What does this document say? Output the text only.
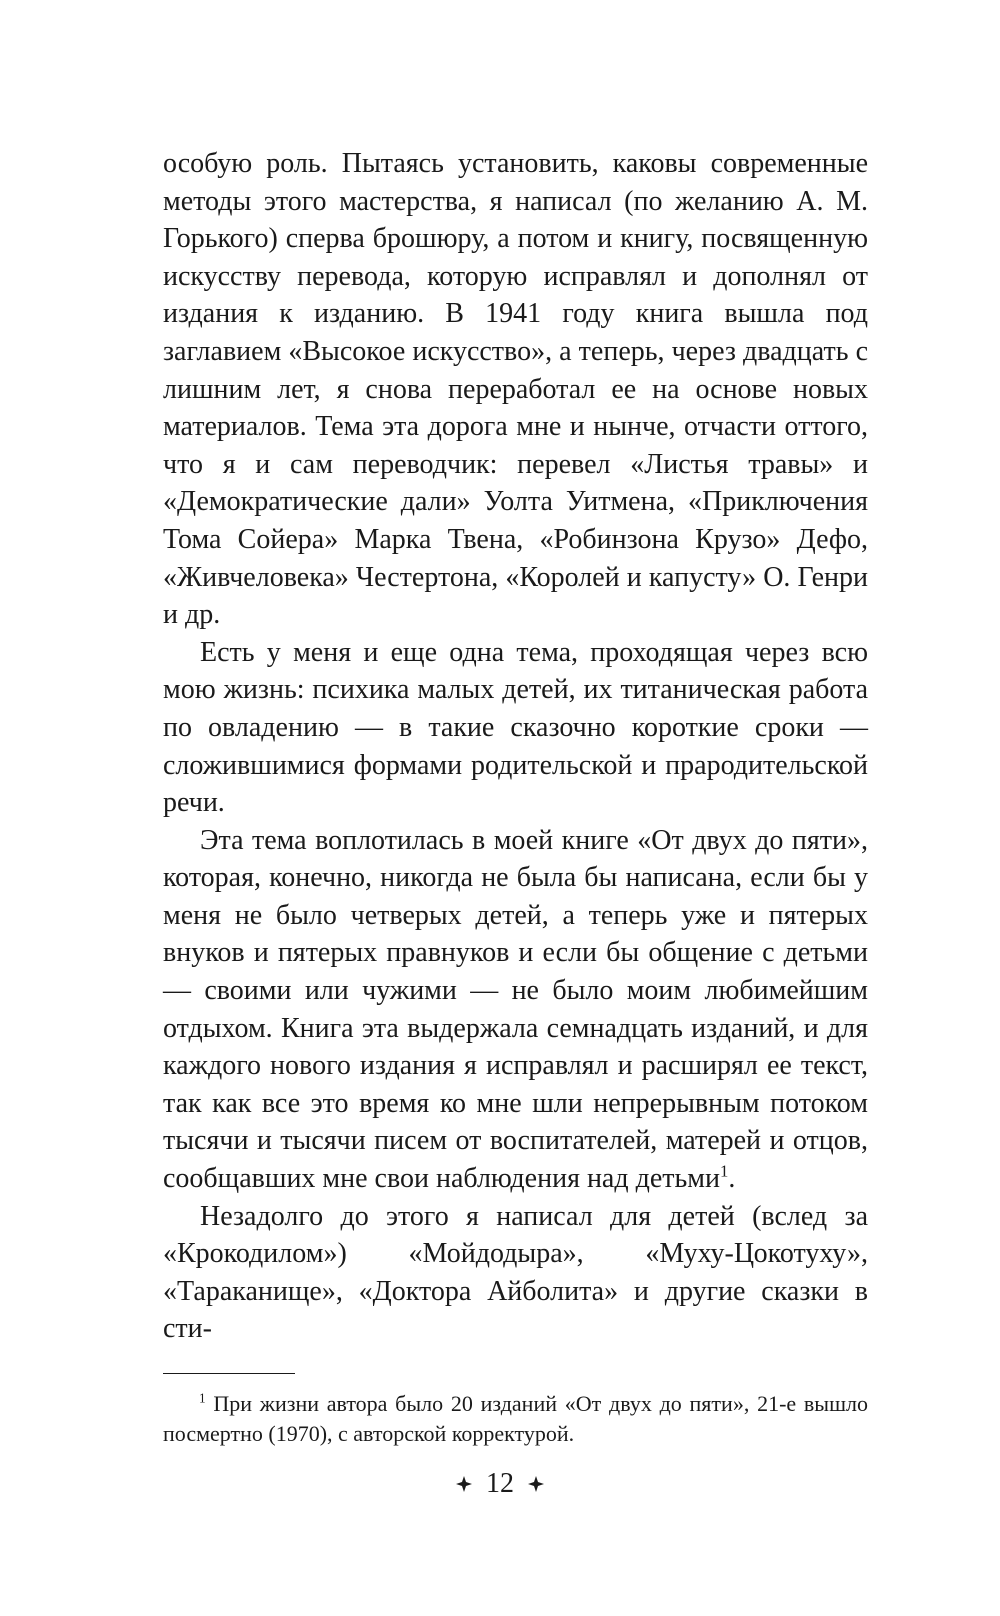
особую роль. Пытаясь установить, каковы современные методы этого мастерства, я написал (по желанию А. М. Горького) сперва брошюру, а потом и книгу, посвященную искусству перевода, которую исправлял и дополнял от издания к изданию. В 1941 году книга вышла под заглавием «Высокое искусство», а теперь, через двадцать с лишним лет, я снова переработал ее на основе новых материалов. Тема эта дорога мне и нынче, отчасти оттого, что я и сам переводчик: перевел «Листья травы» и «Демократические дали» Уолта Уитмена, «Приключения Тома Сойера» Марка Твена, «Робинзона Крузо» Дефо, «Живчеловека» Честертона, «Королей и капусту» О. Генри и др.

Есть у меня и еще одна тема, проходящая через всю мою жизнь: психика малых детей, их титаническая работа по овладению — в такие сказочно короткие сроки — сложившимися формами родительской и прародительской речи.

Эта тема воплотилась в моей книге «От двух до пяти», которая, конечно, никогда не была бы написана, если бы у меня не было четверых детей, а теперь уже и пятерых внуков и пятерых правнуков и если бы общение с детьми — своими или чужими — не было моим любимейшим отдыхом. Книга эта выдержала семнадцать изданий, и для каждого нового издания я исправлял и расширял ее текст, так как все это время ко мне шли непрерывным потоком тысячи и тысячи писем от воспитателей, матерей и отцов, сообщавших мне свои наблюдения над детьми$^1$.

Незадолго до этого я написал для детей (вслед за «Крокодилом») «Мойдодыра», «Муху-Цокотуху», «Тараканище», «Доктора Айболита» и другие сказки в сти-

$^1$ При жизни автора было 20 изданий «От двух до пяти», 21-е вышло посмертно (1970), с авторской корректурой.
12
